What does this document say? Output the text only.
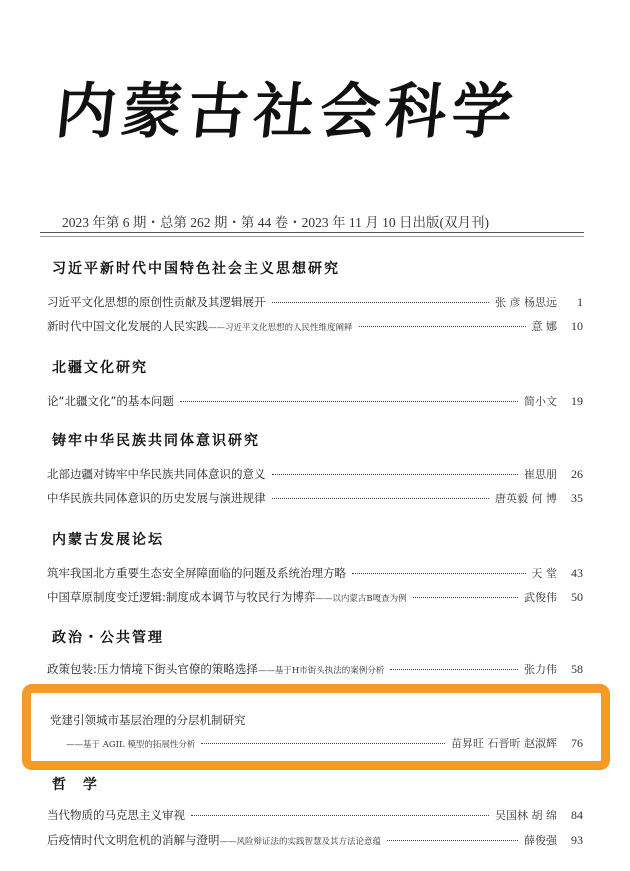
内蒙古社会科学
2023 年第 6 期・总第 262 期・第 44 卷・2023 年 11 月 10 日出版(双月刊)
习近平新时代中国特色社会主义思想研究
习近平文化思想的原创性贡献及其逻辑展开	张 彦 杨思远	1
新时代中国文化发展的人民实践 ——习近平文化思想的人民性维度阐释	意 娜	10
北疆文化研究
论“北疆文化”的基本问题	简小文	19
铸牢中华民族共同体意识研究
北部边疆对铸牢中华民族共同体意识的意义	崔思朋	26
中华民族共同体意识的历史发展与演进规律	唐英毅 何 博	35
内蒙古发展论坛
筑牢我国北方重要生态安全屏障面临的问题及系统治理方略	天 堂	43
中国草原制度变迁逻辑:制度成本调节与牧民行为博弈 ——以内蒙古B嘎查为例	武俊伟	50
政治・公共管理
政策包装:压力情境下街头官僚的策略选择 ——基于H市街头执法的案例分析	张力伟	58
党建引领城市基层治理的分层机制研究
——基于 AGIL 模型的拓展性分析	苗昇旺 石晋昕 赵淑辉	76
哲 学
当代物质的马克思主义审视	吴国林 胡 绵	84
后疫情时代文明危机的消解与澄明 ——风险辩证法的实践智慧及其方法论意蕴	薛俊强	93
